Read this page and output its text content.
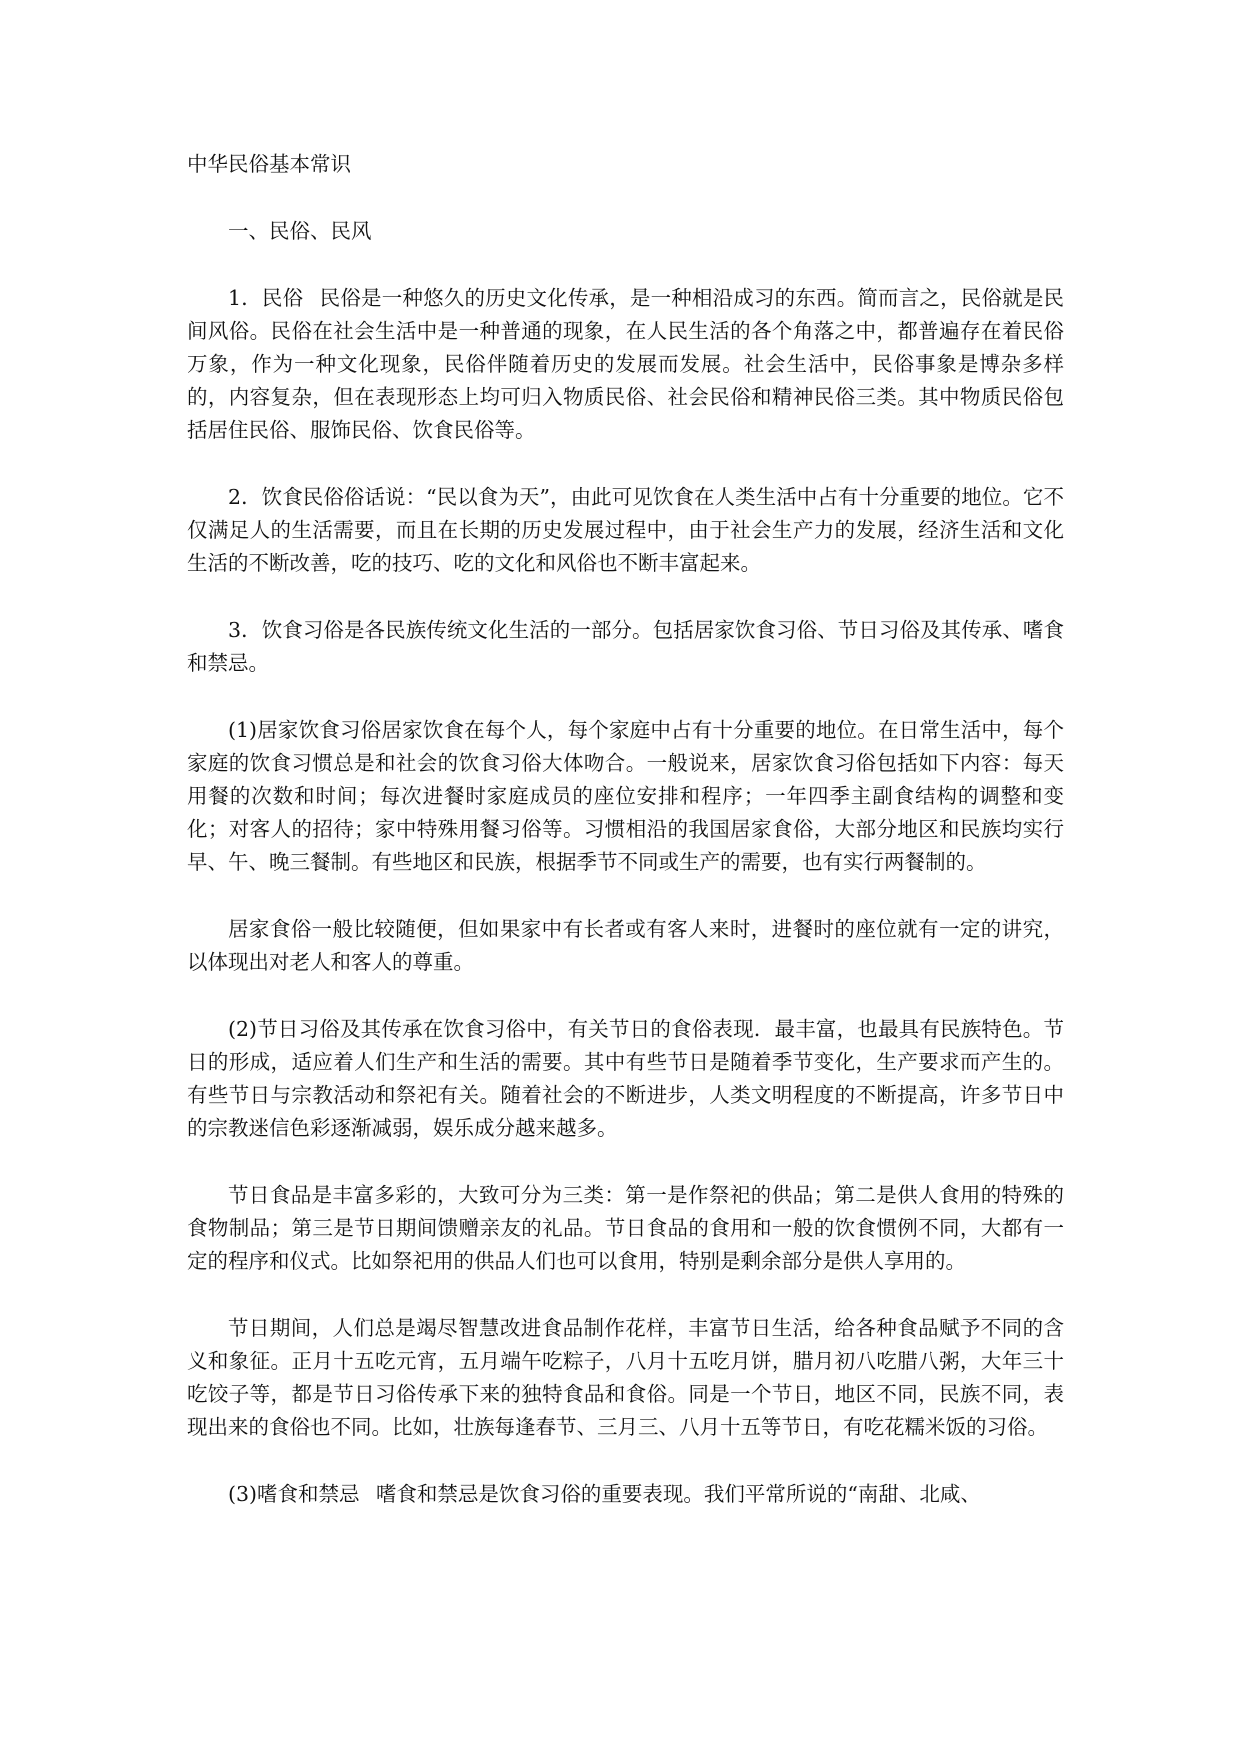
中华民俗基本常识
一、民俗、民风

1．民俗 民俗是一种悠久的历史文化传承，是一种相沿成习的东西。简而言之，民俗就是民间风俗。民俗在社会生活中是一种普通的现象，在人民生活的各个角落之中，都普遍存在着民俗万象，作为一种文化现象，民俗伴随着历史的发展而发展。社会生活中，民俗事象是博杂多样的，内容复杂，但在表现形态上均可归入物质民俗、社会民俗和精神民俗三类。其中物质民俗包括居住民俗、服饰民俗、饮食民俗等。

2．饮食民俗俗话说：“民以食为天”，由此可见饮食在人类生活中占有十分重要的地位。它不仅满足人的生活需要，而且在长期的历史发展过程中，由于社会生产力的发展，经济生活和文化生活的不断改善，吃的技巧、吃的文化和风俗也不断丰富起来。

3．饮食习俗是各民族传统文化生活的一部分。包括居家饮食习俗、节日习俗及其传承、嗜食和禁忌。

(1)居家饮食习俗居家饮食在每个人，每个家庭中占有十分重要的地位。在日常生活中，每个家庭的饮食习惯总是和社会的饮食习俗大体吻合。一般说来，居家饮食习俗包括如下内容：每天用餐的次数和时间；每次进餐时家庭成员的座位安排和程序；一年四季主副食结构的调整和变化；对客人的招待；家中特殊用餐习俗等。习惯相沿的我国居家食俗，大部分地区和民族均实行早、午、晚三餐制。有些地区和民族，根据季节不同或生产的需要，也有实行两餐制的。

居家食俗一般比较随便，但如果家中有长者或有客人来时，进餐时的座位就有一定的讲究，以体现出对老人和客人的尊重。

(2)节日习俗及其传承在饮食习俗中，有关节日的食俗表现．最丰富，也最具有民族特色。节日的形成，适应着人们生产和生活的需要。其中有些节日是随着季节变化，生产要求而产生的。有些节日与宗教活动和祭祀有关。随着社会的不断进步，人类文明程度的不断提高，许多节日中的宗教迷信色彩逐渐减弱，娱乐成分越来越多。

节日食品是丰富多彩的，大致可分为三类：第一是作祭祀的供品；第二是供人食用的特殊的食物制品；第三是节日期间馈赠亲友的礼品。节日食品的食用和一般的饮食惯例不同，大都有一定的程序和仪式。比如祭祀用的供品人们也可以食用，特别是剩余部分是供人享用的。

节日期间，人们总是竭尽智慧改进食品制作花样，丰富节日生活，给各种食品赋予不同的含义和象征。正月十五吃元宵，五月端午吃粽子，八月十五吃月饼，腊月初八吃腊八粥，大年三十吃饺子等，都是节日习俗传承下来的独特食品和食俗。同是一个节日，地区不同，民族不同，表现出来的食俗也不同。比如，壮族每逢春节、三月三、八月十五等节日，有吃花糯米饭的习俗。

(3)嗜食和禁忌 嗜食和禁忌是饮食习俗的重要表现。我们平常所说的“南甜、北咸、
